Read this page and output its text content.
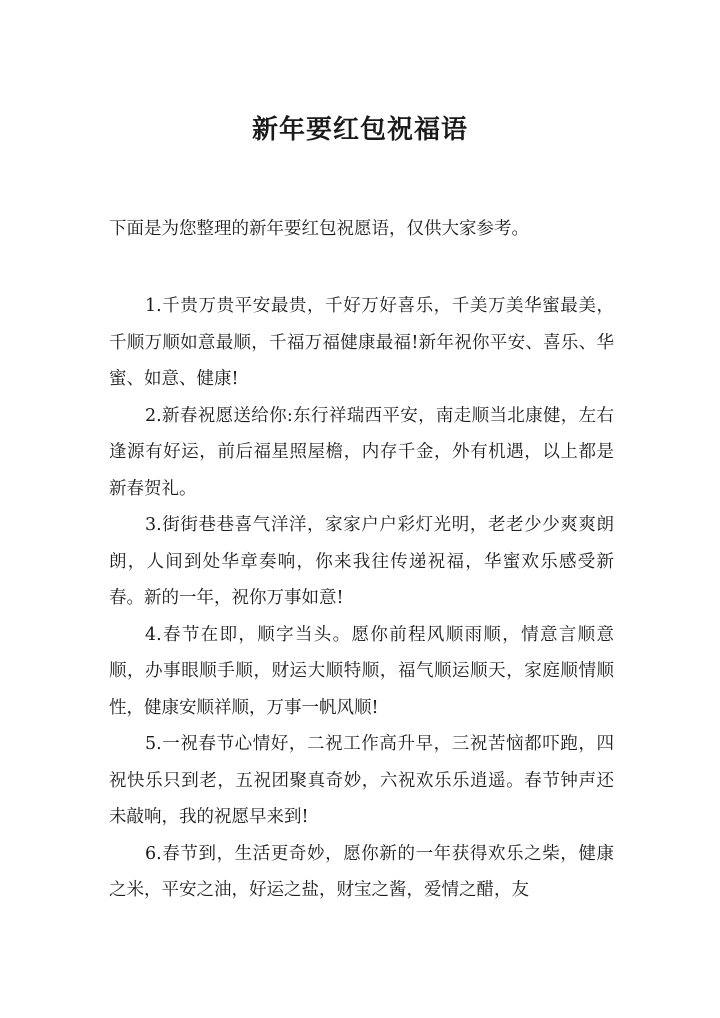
新年要红包祝福语
下面是为您整理的新年要红包祝愿语，仅供大家参考。

1.千贵万贵平安最贵，千好万好喜乐，千美万美华蜜最美，千顺万顺如意最顺，千福万福健康最福!新年祝你平安、喜乐、华蜜、如意、健康!

2.新春祝愿送给你:东行祥瑞西平安，南走顺当北康健，左右逢源有好运，前后福星照屋檐，内存千金，外有机遇，以上都是新春贺礼。

3.街街巷巷喜气洋洋，家家户户彩灯光明，老老少少爽爽朗朗，人间到处华章奏响，你来我往传递祝福，华蜜欢乐感受新春。新的一年，祝你万事如意!

4.春节在即，顺字当头。愿你前程风顺雨顺，情意言顺意顺，办事眼顺手顺，财运大顺特顺，福气顺运顺天，家庭顺情顺性，健康安顺祥顺，万事一帆风顺!

5.一祝春节心情好，二祝工作高升早，三祝苦恼都吓跑，四祝快乐只到老，五祝团聚真奇妙，六祝欢乐乐逍遥。春节钟声还未敲响，我的祝愿早来到!

6.春节到，生活更奇妙，愿你新的一年获得欢乐之柴，健康之米，平安之油，好运之盐，财宝之酱，爱情之醋，友
